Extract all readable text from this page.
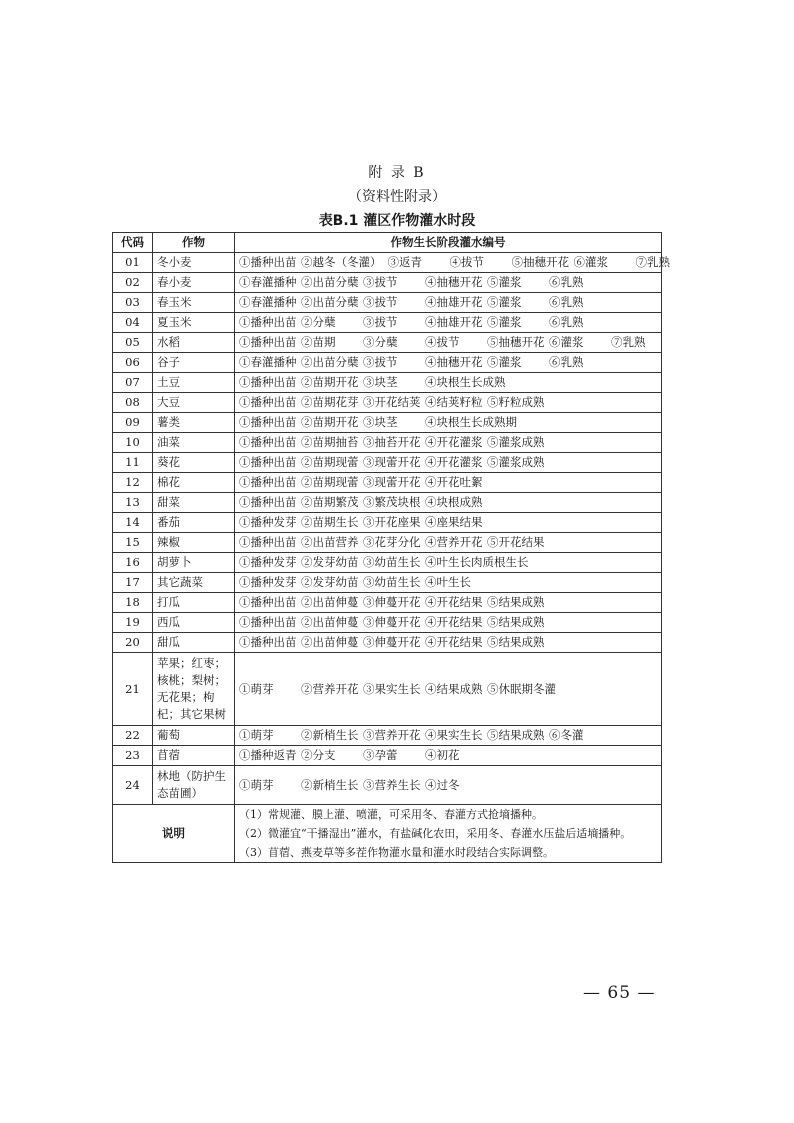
附 录 B
（资料性附录）
表B.1 灌区作物灌水时段
代码	作物	作物生长阶段灌水编号
01	冬小麦	①播种出苗 ②越冬（冬灌） ③返青 ④拔节 ⑤抽穗开花 ⑥灌浆 ⑦乳熟
02	春小麦	①春灌播种 ②出苗分蘖 ③拔节 ④抽穗开花 ⑤灌浆 ⑥乳熟
03	春玉米	①春灌播种 ②出苗分蘖 ③拔节 ④抽雄开花 ⑤灌浆 ⑥乳熟
04	夏玉米	①播种出苗 ②分蘖 ③拔节 ④抽雄开花 ⑤灌浆 ⑥乳熟
05	水稻	①播种出苗 ②苗期 ③分蘖 ④拔节 ⑤抽穗开花 ⑥灌浆 ⑦乳熟
06	谷子	①春灌播种 ②出苗分蘖 ③拔节 ④抽穗开花 ⑤灌浆 ⑥乳熟
07	土豆	①播种出苗 ②苗期开花 ③块茎 ④块根生长成熟
08	大豆	①播种出苗 ②苗期花芽 ③开花结荚 ④结荚籽粒 ⑤籽粒成熟
09	薯类	①播种出苗 ②苗期开花 ③块茎 ④块根生长成熟期
10	油菜	①播种出苗 ②苗期抽苔 ③抽苔开花 ④开花灌浆 ⑤灌浆成熟
11	葵花	①播种出苗 ②苗期现蕾 ③现蕾开花 ④开花灌浆 ⑤灌浆成熟
12	棉花	①播种出苗 ②苗期现蕾 ③现蕾开花 ④开花吐絮
13	甜菜	①播种出苗 ②苗期繁茂 ③繁茂块根 ④块根成熟
14	番茄	①播种发芽 ②苗期生长 ③开花座果 ④座果结果
15	辣椒	①播种出苗 ②出苗营养 ③花芽分化 ④营养开花 ⑤开花结果
16	胡萝卜	①播种发芽 ②发芽幼苗 ③幼苗生长 ④叶生长肉质根生长
17	其它蔬菜	①播种发芽 ②发芽幼苗 ③幼苗生长 ④叶生长
18	打瓜	①播种出苗 ②出苗伸蔓 ③伸蔓开花 ④开花结果 ⑤结果成熟
19	西瓜	①播种出苗 ②出苗伸蔓 ③伸蔓开花 ④开花结果 ⑤结果成熟
20	甜瓜	①播种出苗 ②出苗伸蔓 ③伸蔓开花 ④开花结果 ⑤结果成熟
21	苹果；红枣；核桃；梨树；无花果；枸杞；其它果树	①萌芽 ②营养开花 ③果实生长 ④结果成熟 ⑤休眠期冬灌
22	葡萄	①萌芽 ②新梢生长 ③营养开花 ④果实生长 ⑤结果成熟 ⑥冬灌
23	苜蓿	①播种返青 ②分支 ③孕蕾 ④初花
24	林地（防护生态苗圃）	①萌芽 ②新梢生长 ③营养生长 ④过冬
说明		（1）常规灌、膜上灌、喷灌，可采用冬、春灌方式抢墒播种。
（2）微灌宜“干播湿出”灌水，有盐碱化农田，采用冬、春灌水压盐后适墒播种。
（3）苜蓿、燕麦草等多茬作物灌水量和灌水时段结合实际调整。
— 65 —
